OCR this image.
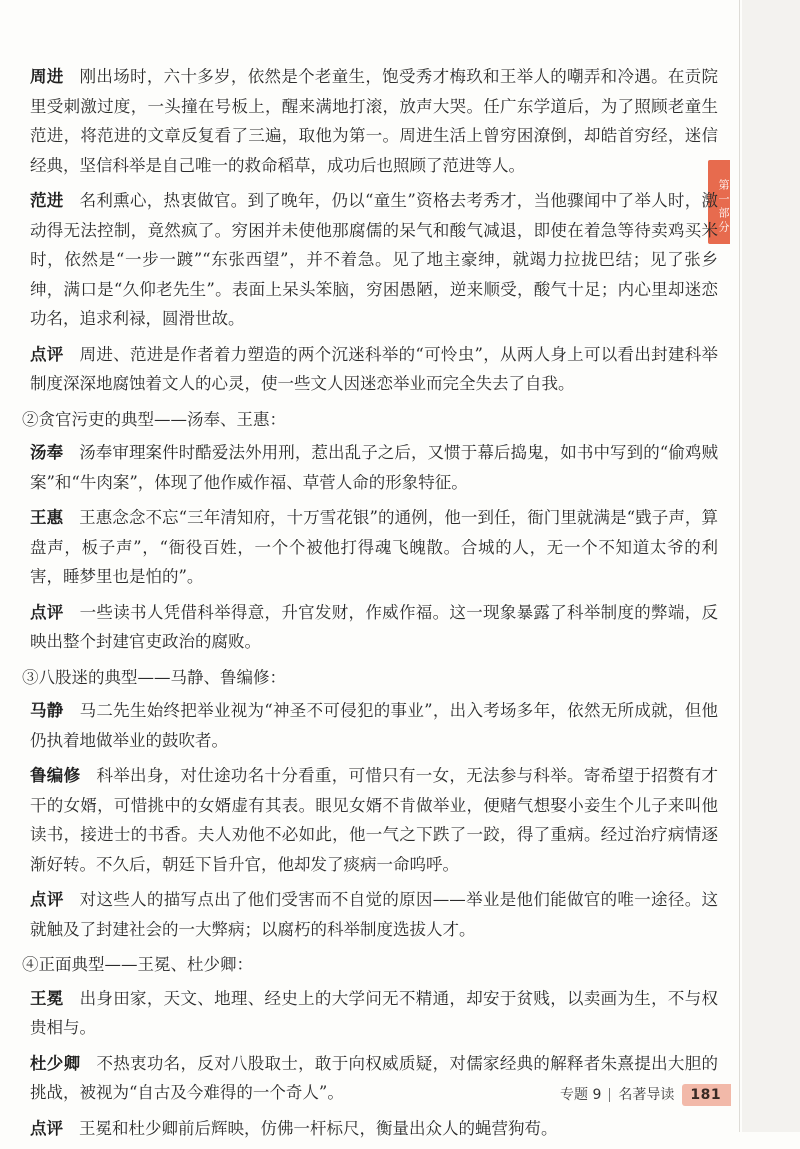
第一部分
周进 刚出场时，六十多岁，依然是个老童生，饱受秀才梅玖和王举人的嘲弄和冷遇。在贡院里受刺激过度，一头撞在号板上，醒来满地打滚，放声大哭。任广东学道后，为了照顾老童生范进，将范进的文章反复看了三遍，取他为第一。周进生活上曾穷困潦倒，却皓首穷经，迷信经典，坚信科举是自己唯一的救命稻草，成功后也照顾了范进等人。
范进 名利熏心，热衷做官。到了晚年，仍以“童生”资格去考秀才，当他骤闻中了举人时，激动得无法控制，竟然疯了。穷困并未使他那腐儒的呆气和酸气减退，即使在着急等待卖鸡买米时，依然是“一步一踱”“东张西望”，并不着急。见了地主豪绅，就竭力拉拢巴结；见了张乡绅，满口是“久仰老先生”。表面上呆头笨脑，穷困愚陋，逆来顺受，酸气十足；内心里却迷恋功名，追求利禄，圆滑世故。
点评 周进、范进是作者着力塑造的两个沉迷科举的“可怜虫”，从两人身上可以看出封建科举制度深深地腐蚀着文人的心灵，使一些文人因迷恋举业而完全失去了自我。
②贪官污吏的典型——汤奉、王惠：
汤奉 汤奉审理案件时酷爱法外用刑，惹出乱子之后，又惯于幕后捣鬼，如书中写到的“偷鸡贼案”和“牛肉案”，体现了他作威作福、草菅人命的形象特征。
王惠 王惠念念不忘“三年清知府，十万雪花银”的通例，他一到任，衙门里就满是“戥子声，算盘声，板子声”，“衙役百姓，一个个被他打得魂飞魄散。合城的人，无一个不知道太爷的利害，睡梦里也是怕的”。
点评 一些读书人凭借科举得意，升官发财，作威作福。这一现象暴露了科举制度的弊端，反映出整个封建官吏政治的腐败。
③八股迷的典型——马静、鲁编修：
马静 马二先生始终把举业视为“神圣不可侵犯的事业”，出入考场多年，依然无所成就，但他仍执着地做举业的鼓吹者。
鲁编修 科举出身，对仕途功名十分看重，可惜只有一女，无法参与科举。寄希望于招赘有才干的女婿，可惜挑中的女婿虚有其表。眼见女婿不肯做举业，便赌气想娶小妾生个儿子来叫他读书，接进士的书香。夫人劝他不必如此，他一气之下跌了一跤，得了重病。经过治疗病情逐渐好转。不久后，朝廷下旨升官，他却发了痰病一命呜呼。
点评 对这些人的描写点出了他们受害而不自觉的原因——举业是他们能做官的唯一途径。这就触及了封建社会的一大弊病；以腐朽的科举制度选拔人才。
④正面典型——王冕、杜少卿：
王冕 出身田家，天文、地理、经史上的大学问无不精通，却安于贫贱，以卖画为生，不与权贵相与。
杜少卿 不热衷功名，反对八股取士，敢于向权威质疑，对儒家经典的解释者朱熹提出大胆的挑战，被视为“自古及今难得的一个奇人”。
点评 王冕和杜少卿前后辉映，仿佛一杆标尺，衡量出众人的蝇营狗苟。
专题 9 名著导读	181
